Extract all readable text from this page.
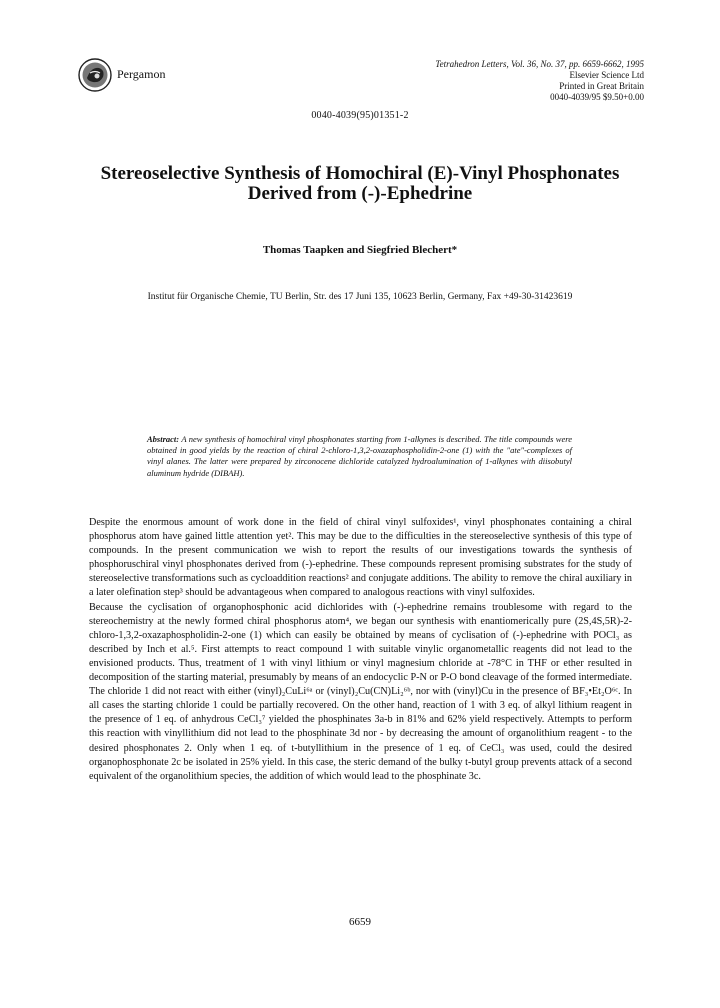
Pergamon
Tetrahedron Letters, Vol. 36, No. 37, pp. 6659-6662, 1995
Elsevier Science Ltd
Printed in Great Britain
0040-4039/95 $9.50+0.00
0040-4039(95)01351-2
Stereoselective Synthesis of Homochiral (E)-Vinyl Phosphonates
Derived from (-)-Ephedrine
Thomas Taapken and Siegfried Blechert*
Institut für Organische Chemie, TU Berlin, Str. des 17 Juni 135, 10623 Berlin, Germany, Fax +49-30-31423619
Abstract: A new synthesis of homochiral vinyl phosphonates starting from 1-alkynes is described. The title compounds were obtained in good yields by the reaction of chiral 2-chloro-1,3,2-oxazaphospholidin-2-one (1) with the "ate"-complexes of vinyl alanes. The latter were prepared by zirconocene dichloride catalyzed hydroalumination of 1-alkynes with diisobutyl aluminum hydride (DIBAH).

Despite the enormous amount of work done in the field of chiral vinyl sulfoxides¹, vinyl phosphonates containing a chiral phosphorus atom have gained little attention yet². This may be due to the difficulties in the stereoselective synthesis of this type of compounds. In the present communication we wish to report the results of our investigations towards the synthesis of phosphoruschiral vinyl phosphonates derived from (-)-ephedrine. These compounds represent promising substrates for the study of stereoselective transformations such as cycloaddition reactions² and conjugate additions. The ability to remove the chiral auxiliary in a later olefination step³ should be advantageous when compared to analogous reactions with vinyl sulfoxides.

Because the cyclisation of organophosphonic acid dichlorides with (-)-ephedrine remains troublesome with regard to the stereochemistry at the newly formed chiral phosphorus atom⁴, we began our synthesis with enantiomerically pure (2S,4S,5R)-2-chloro-1,3,2-oxazaphospholidin-2-one (1) which can easily be obtained by means of cyclisation of (-)-ephedrine with POCl₃ as described by Inch et al.⁵. First attempts to react compound 1 with suitable vinylic organometallic reagents did not lead to the envisioned products. Thus, treatment of 1 with vinyl lithium or vinyl magnesium chloride at -78°C in THF or ether resulted in decomposition of the starting material, presumably by means of an endocyclic P-N or P-O bond cleavage of the formed intermediate. The chloride 1 did not react with either (vinyl)₂CuLi⁶ᵃ or (vinyl)₂Cu(CN)Li₂⁶ᵇ, nor with (vinyl)Cu in the presence of BF₃•Et₂O⁶ᶜ. In all cases the starting chloride 1 could be partially recovered. On the other hand, reaction of 1 with 3 eq. of alkyl lithium reagent in the presence of 1 eq. of anhydrous CeCl₃⁷ yielded the phosphinates 3a-b in 81% and 62% yield respectively. Attempts to perform this reaction with vinyllithium did not lead to the phosphinate 3d nor - by decreasing the amount of organolithium reagent - to the desired phosphonates 2. Only when 1 eq. of t-butyllithium in the presence of 1 eq. of CeCl₃ was used, could the desired organophosphonate 2c be isolated in 25% yield. In this case, the steric demand of the bulky t-butyl group prevents attack of a second equivalent of the organolithium species, the addition of which would lead to the phosphinate 3c.

6659
